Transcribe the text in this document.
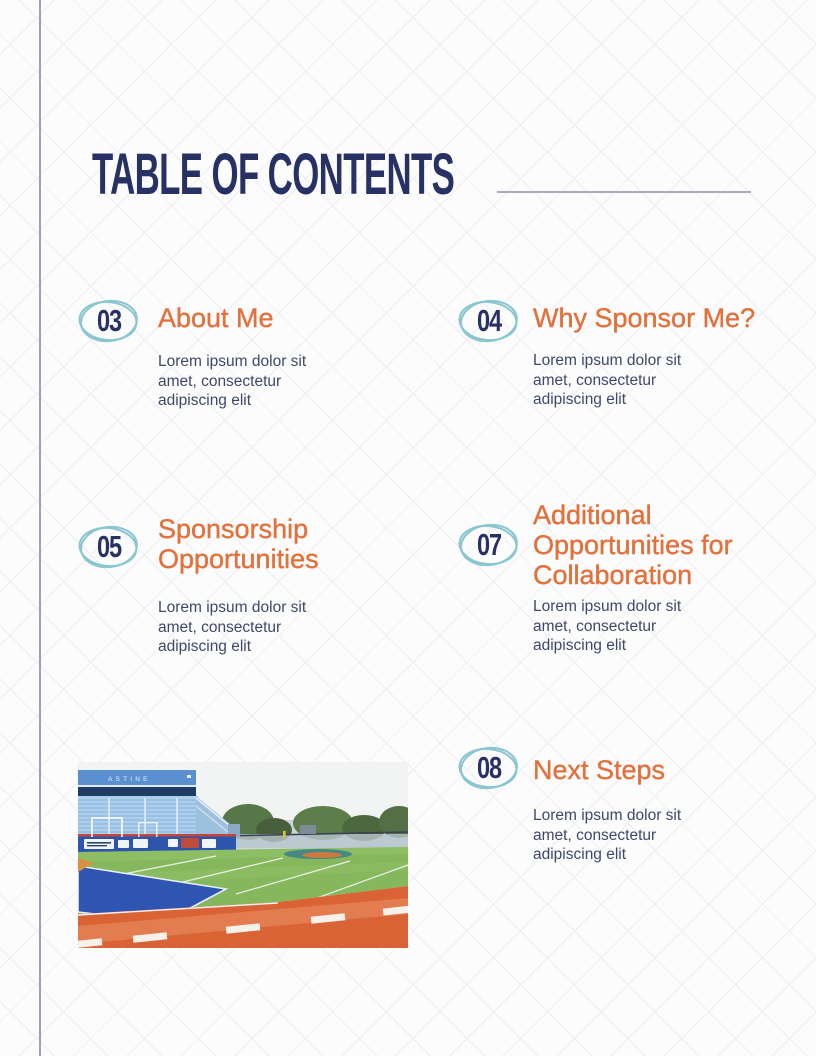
TABLE OF CONTENTS
03	About Me

Lorem ipsum dolor sit amet, consectetur adipiscing elit

04	Why Sponsor Me?

Lorem ipsum dolor sit amet, consectetur adipiscing elit

05	Sponsorship Opportunities

Lorem ipsum dolor sit amet, consectetur adipiscing elit

07
Additional Opportunities for Collaboration

Lorem ipsum dolor sit amet, consectetur adipiscing elit

08	Next Steps

Lorem ipsum dolor sit amet, consectetur adipiscing elit

ASTINE
